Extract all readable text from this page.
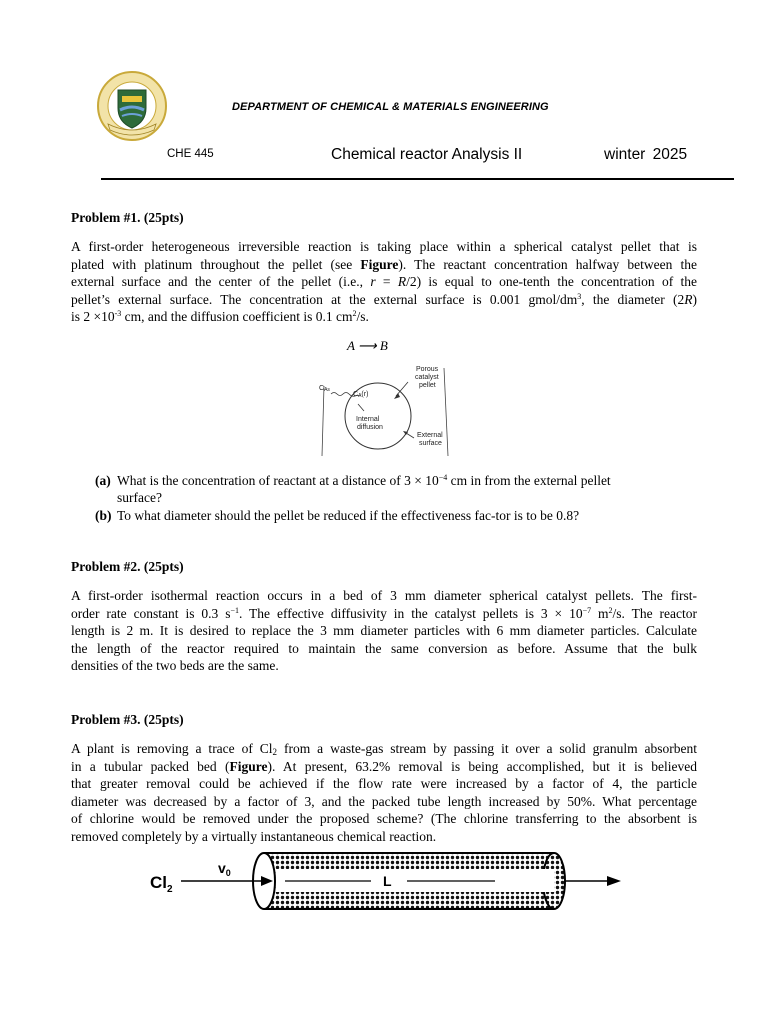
DEPARTMENT OF CHEMICAL & MATERIALS ENGINEERING
CHE 445	Chemical reactor Analysis II	winter 2025
Problem #1. (25pts)
A first-order heterogeneous irreversible reaction is taking place within a spherical catalyst pellet that is
plated with platinum throughout the pellet (see Figure). The reactant concentration halfway between the
external surface and the center of the pellet (i.e., r = R/2) is equal to one-tenth the concentration of the
pellet’s external surface. The concentration at the external surface is 0.001 gmol/$dm^3$, the diameter (2R)
is $2 \times 10^{-3}$ cm, and the diffusion coefficient is 0.1 $cm^2/s$.
A ⟶ B
CAs
CA(r)
Internal
diffusion
Porous
catalyst
pellet
External
surface
(a) What is the concentration of reactant at a distance of $3 \times 10^{-4}$ cm in from the external pellet
surface?
(b) To what diameter should the pellet be reduced if the effectiveness fac-tor is to be 0.8?
Problem #2. (25pts)
A first-order isothermal reaction occurs in a bed of 3 mm diameter spherical catalyst pellets. The first-
order rate constant is 0.3 $s^{-1}$. The effective diffusivity in the catalyst pellets is $3 \times 10^{-7}$ $m^2/s$. The reactor
length is 2 m. It is desired to replace the 3 mm diameter particles with 6 mm diameter particles. Calculate
the length of the reactor required to maintain the same conversion as before. Assume that the bulk
densities of the two beds are the same.
Problem #3. (25pts)
A plant is removing a trace of $Cl_2$ from a waste-gas stream by passing it over a solid granulm absorbent
in a tubular packed bed (Figure). At present, 63.2% removal is being accomplished, but it is believed
that greater removal could be achieved if the flow rate were increased by a factor of 4, the particle
diameter was decreased by a factor of 3, and the packed tube length increased by 50%. What percentage
of chlorine would be removed under the proposed scheme? (The chlorine transferring to the absorbent is
removed completely by a virtually instantaneous chemical reaction.
$Cl_2$
$v_0$	L
